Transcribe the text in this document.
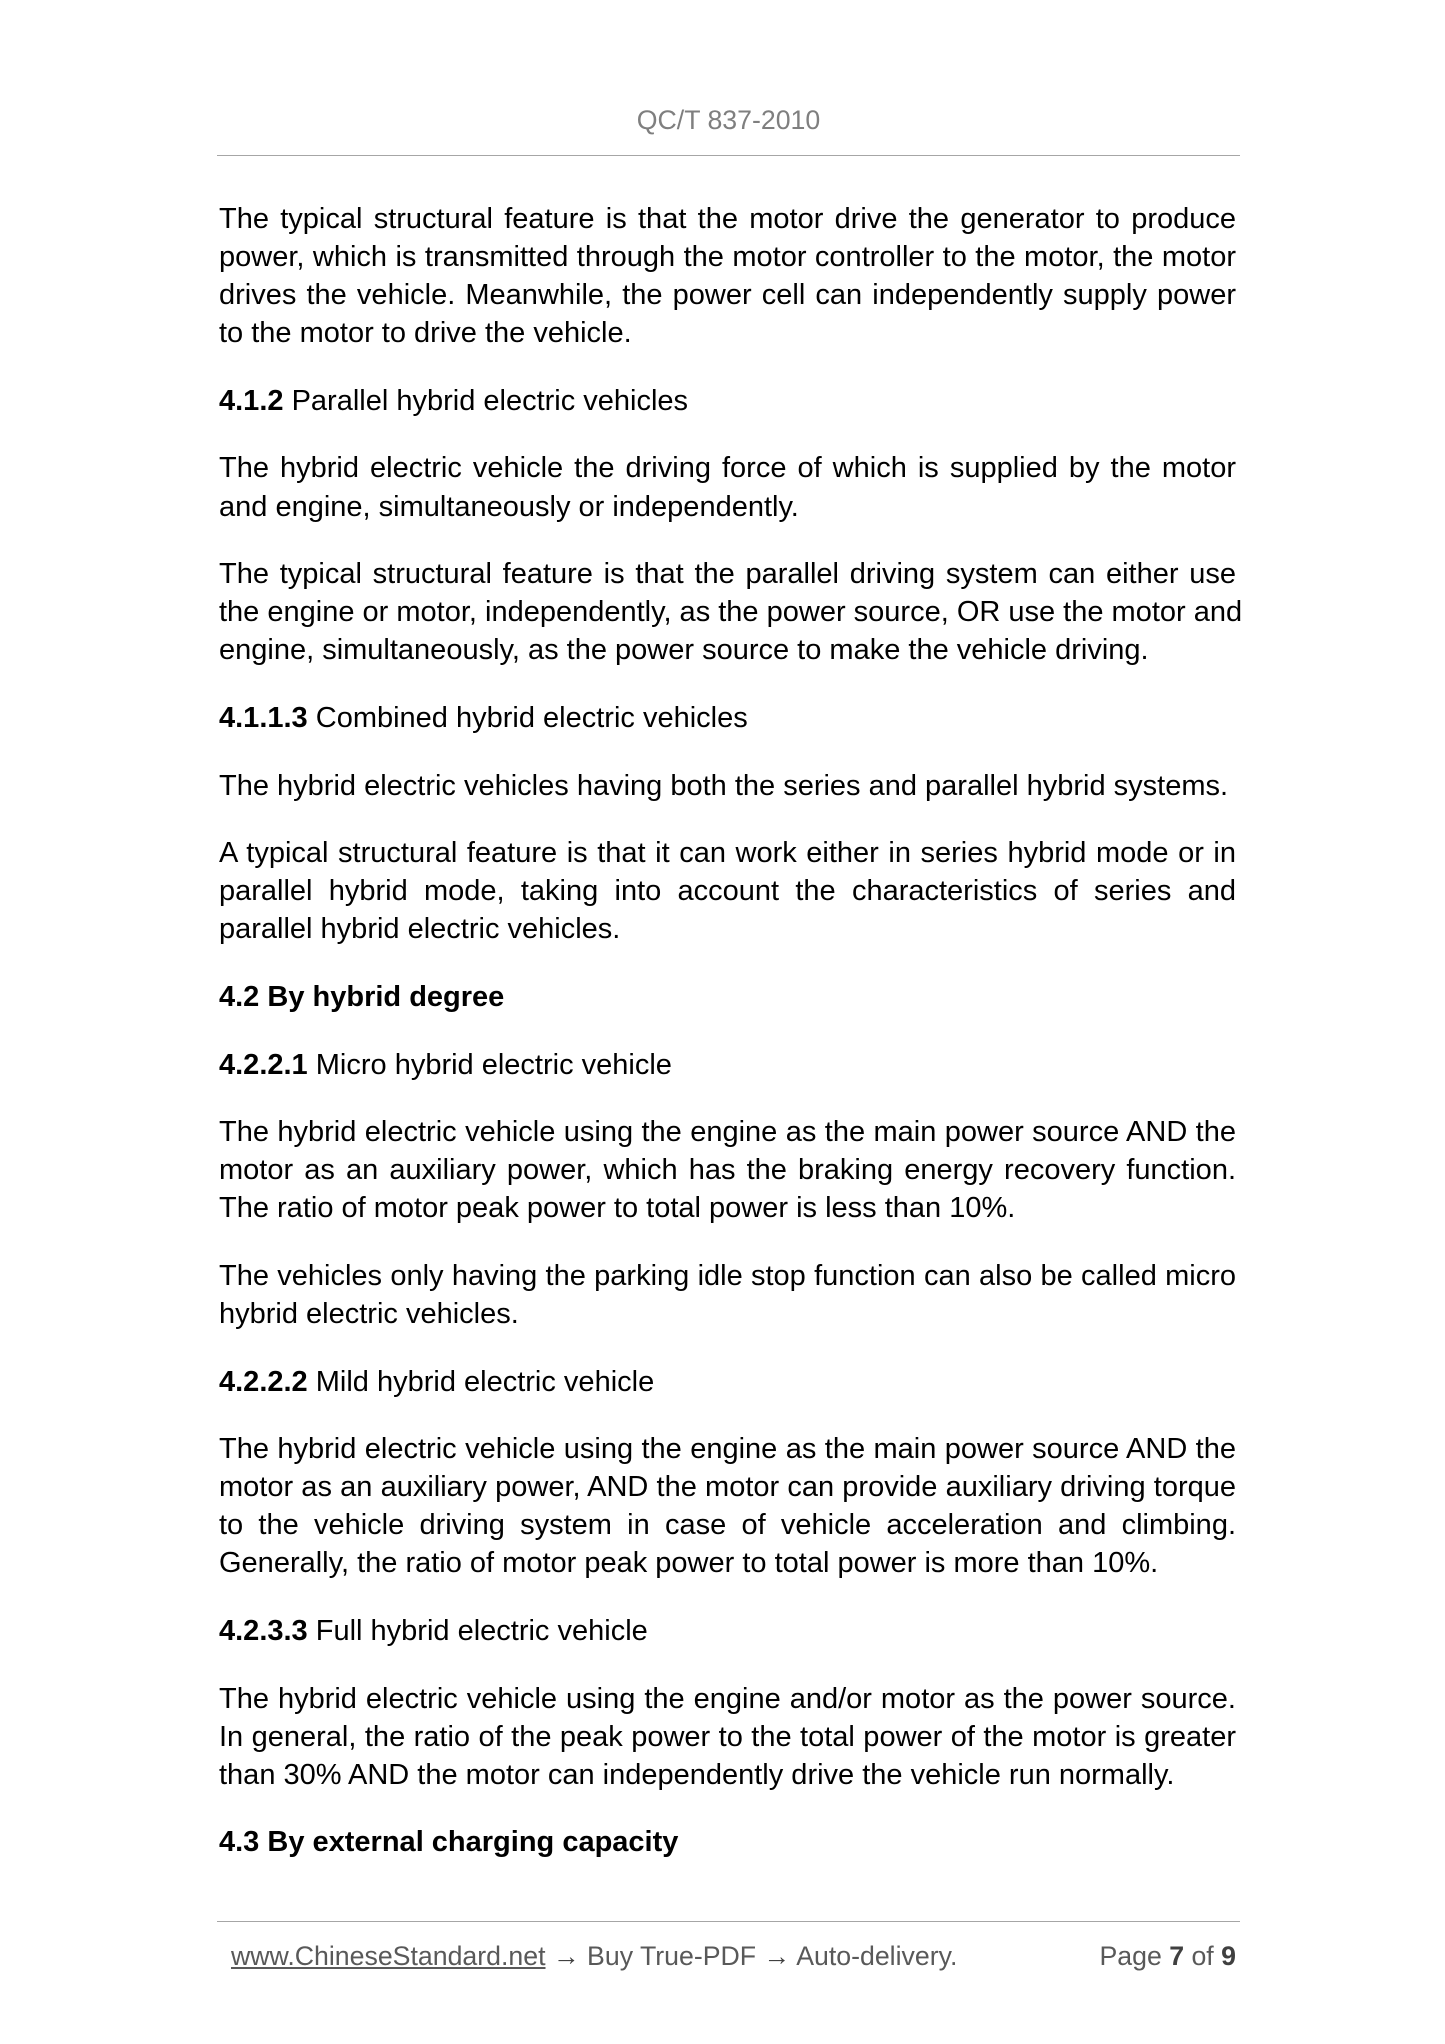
QC/T 837-2010
The typical structural feature is that the motor drive the generator to produce
power, which is transmitted through the motor controller to the motor, the motor
drives the vehicle. Meanwhile, the power cell can independently supply power
to the motor to drive the vehicle.
4.1.2 Parallel hybrid electric vehicles
The hybrid electric vehicle the driving force of which is supplied by the motor
and engine, simultaneously or independently.
The typical structural feature is that the parallel driving system can either use
the engine or motor, independently, as the power source, OR use the motor and
engine, simultaneously, as the power source to make the vehicle driving.
4.1.1.3 Combined hybrid electric vehicles
The hybrid electric vehicles having both the series and parallel hybrid systems.
A typical structural feature is that it can work either in series hybrid mode or in
parallel hybrid mode, taking into account the characteristics of series and
parallel hybrid electric vehicles.
4.2 By hybrid degree
4.2.2.1 Micro hybrid electric vehicle
The hybrid electric vehicle using the engine as the main power source AND the
motor as an auxiliary power, which has the braking energy recovery function.
The ratio of motor peak power to total power is less than 10%.
The vehicles only having the parking idle stop function can also be called micro
hybrid electric vehicles.
4.2.2.2 Mild hybrid electric vehicle
The hybrid electric vehicle using the engine as the main power source AND the
motor as an auxiliary power, AND the motor can provide auxiliary driving torque
to the vehicle driving system in case of vehicle acceleration and climbing.
Generally, the ratio of motor peak power to total power is more than 10%.
4.2.3.3 Full hybrid electric vehicle
The hybrid electric vehicle using the engine and/or motor as the power source.
In general, the ratio of the peak power to the total power of the motor is greater
than 30% AND the motor can independently drive the vehicle run normally.
4.3 By external charging capacity
www.ChineseStandard.net → Buy True-PDF → Auto-delivery.	Page 7 of 9
